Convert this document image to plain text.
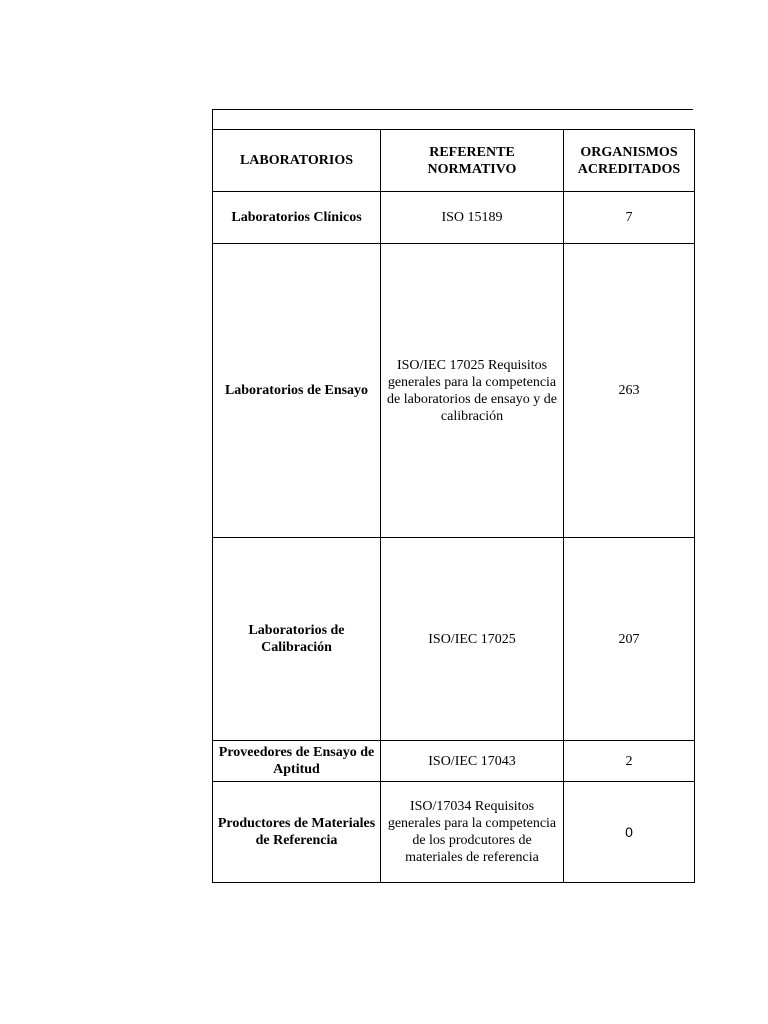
LABORATORIOS	REFERENTE NORMATIVO	ORGANISMOS ACREDITADOS
Laboratorios Clínicos	ISO 15189	7
Laboratorios de Ensayo	ISO/IEC 17025 Requisitos generales para la competencia de laboratorios de ensayo y de calibración	263
Laboratorios de Calibración	ISO/IEC 17025	207
Proveedores de Ensayo de Aptitud	ISO/IEC 17043	2
Productores de Materiales de Referencia	ISO/17034 Requisitos generales para la competencia de los prodcutores de materiales de referencia	0
